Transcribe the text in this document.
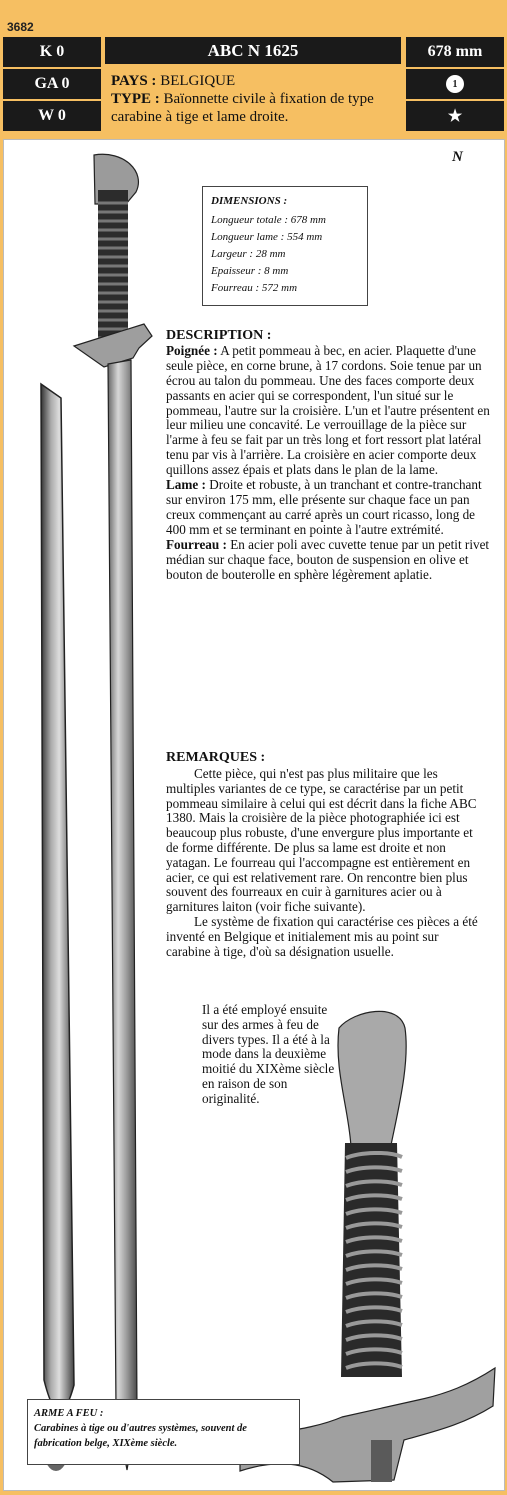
3682
K 0
GA 0
W 0
ABC N 1625	678 mm
1
★
PAYS : BELGIQUE
TYPE : Baïonnette civile à fixation de type carabine à tige et lame droite.
N
DIMENSIONS :
Longueur totale : 678 mm
Longueur lame : 554 mm
Largeur : 28 mm
Epaisseur : 8 mm
Fourreau : 572 mm
DESCRIPTION :
Poignée : A petit pommeau à bec, en acier. Plaquette d'une seule pièce, en corne brune, à 17 cordons. Soie tenue par un écrou au talon du pommeau. Une des faces comporte deux passants en acier qui se correspondent, l'un situé sur le pommeau, l'autre sur la croisière. L'un et l'autre présentent en leur milieu une concavité. Le verrouillage de la pièce sur l'arme à feu se fait par un très long et fort ressort plat latéral tenu par vis à l'arrière. La croisière en acier comporte deux quillons assez épais et plats dans le plan de la lame.
Lame : Droite et robuste, à un tranchant et contre-tranchant sur environ 175 mm, elle présente sur chaque face un pan creux commençant au carré après un court ricasso, long de 400 mm et se terminant en pointe à l'autre extrémité.
Fourreau : En acier poli avec cuvette tenue par un petit rivet médian sur chaque face, bouton de suspension en olive et bouton de bouterolle en sphère légèrement aplatie.
REMARQUES :
Cette pièce, qui n'est pas plus militaire que les multiples variantes de ce type, se caractérise par un petit pommeau similaire à celui qui est décrit dans la fiche ABC 1380. Mais la croisière de la pièce photographiée ici est beaucoup plus robuste, d'une envergure plus importante et de forme différente. De plus sa lame est droite et non yatagan. Le fourreau qui l'accompagne est entièrement en acier, ce qui est relativement rare. On rencontre bien plus souvent des fourreaux en cuir à garnitures acier ou à garnitures laiton (voir fiche suivante).
Le système de fixation qui caractérise ces pièces a été inventé en Belgique et initialement mis au point sur carabine à tige, d'où sa désignation usuelle.
Il a été employé ensuite sur des armes à feu de divers types. Il a été à la mode dans la deuxième moitié du XIXème siècle en raison de son originalité.
ARME A FEU :
Carabines à tige ou d'autres systèmes, souvent de fabrication belge, XIXème siècle.
